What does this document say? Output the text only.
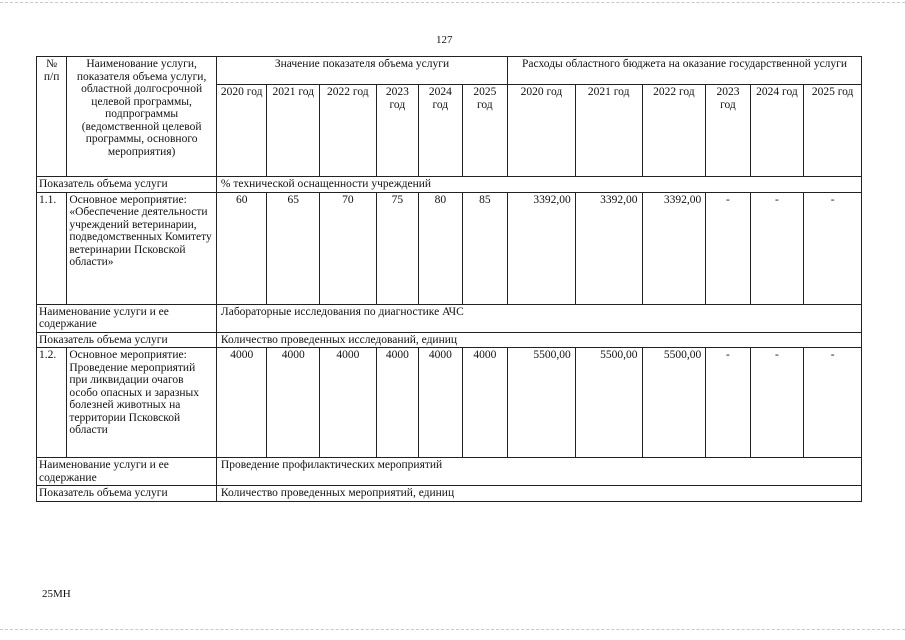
127
№
п/п	Наименование услуги, показателя объема услуги, областной долгосрочной целевой программы, подпрограммы (ведомственной целевой программы, основного мероприятия)	Значение показателя объема услуги						Расходы областного бюджета на оказание государственной услуги					
		2020 год	2021 год	2022 год	2023 год	2024 год	2025 год	2020 год	2021 год	2022 год	2023 год	2024 год	2025 год
Показатель объема услуги		% технической оснащенности учреждений											
1.1.	Основное мероприятие: «Обеспечение деятельности учреждений ветеринарии, подведомственных Комитету ветеринарии Псковской области»	60	65	70	75	80	85	3392,00	3392,00	3392,00	-	-	-
Наименование услуги и ее содержание		Лабораторные исследования по диагностике АЧС											
Показатель объема услуги		Количество проведенных исследований, единиц											
1.2.	Основное мероприятие: Проведение мероприятий при ликвидации очагов особо опасных и заразных болезней животных на территории Псковской области	4000	4000	4000	4000	4000	4000	5500,00	5500,00	5500,00	-	-	-
Наименование услуги и ее содержание		Проведение профилактических мероприятий											
Показатель объема услуги		Количество проведенных мероприятий, единиц											
25МН
